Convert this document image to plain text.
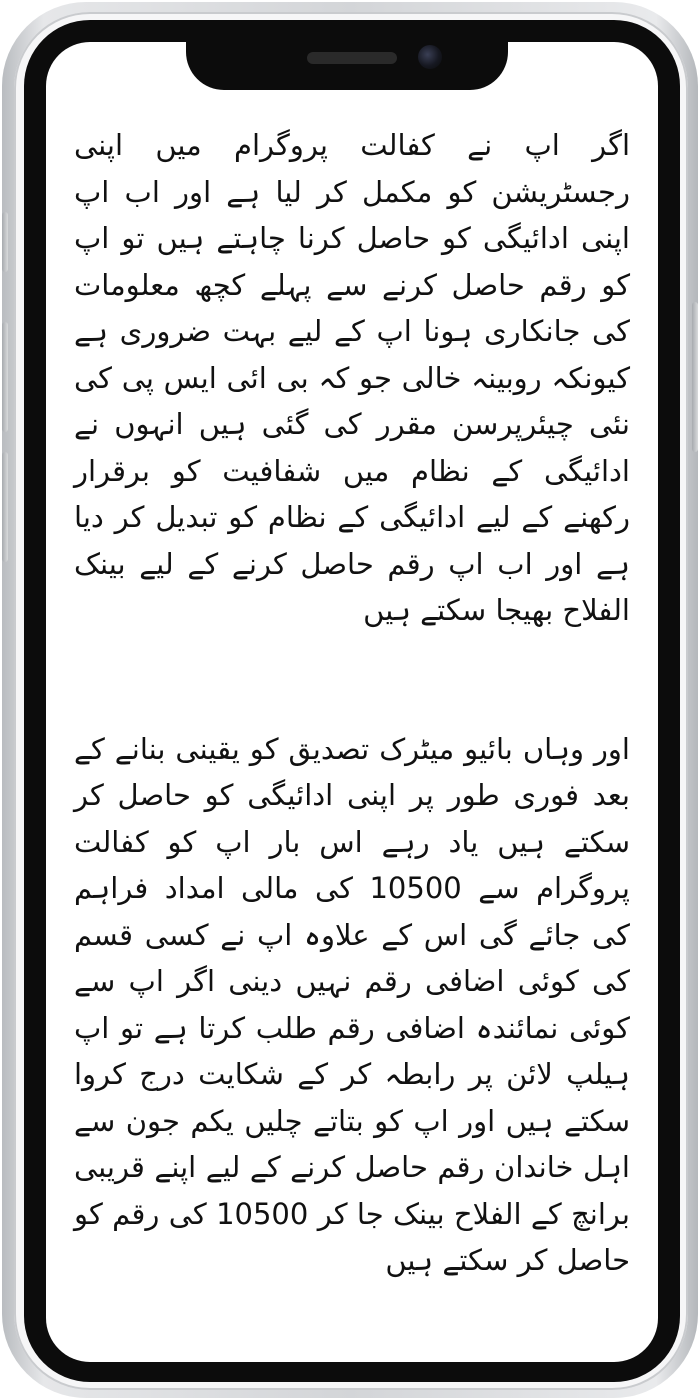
اگر اپ نے کفالت پروگرام میں اپنی رجسٹریشن کو مکمل کر لیا ہے اور اب اپ اپنی ادائیگی کو حاصل کرنا چاہتے ہیں تو اپ کو رقم حاصل کرنے سے پہلے کچھ معلومات کی جانکاری ہونا اپ کے لیے بہت ضروری ہے کیونکہ روبینہ خالی جو کہ بی ائی ایس پی کی نئی چیئرپرسن مقرر کی گئی ہیں انہوں نے ادائیگی کے نظام میں شفافیت کو برقرار رکھنے کے لیے ادائیگی کے نظام کو تبدیل کر دیا ہے اور اب اپ رقم حاصل کرنے کے لیے بینک الفلاح بھیجا سکتے ہیں

اور وہاں بائیو میٹرک تصدیق کو یقینی بنانے کے بعد فوری طور پر اپنی ادائیگی کو حاصل کر سکتے ہیں یاد رہے اس بار اپ کو کفالت پروگرام سے 10500 کی مالی امداد فراہم کی جائے گی اس کے علاوہ اپ نے کسی قسم کی کوئی اضافی رقم نہیں دینی اگر اپ سے کوئی نمائندہ اضافی رقم طلب کرتا ہے تو اپ ہیلپ لائن پر رابطہ کر کے شکایت درج کروا سکتے ہیں اور اپ کو بتاتے چلیں یکم جون سے اہل خاندان رقم حاصل کرنے کے لیے اپنے قریبی برانچ کے الفلاح بینک جا کر 10500 کی رقم کو حاصل کر سکتے ہیں
